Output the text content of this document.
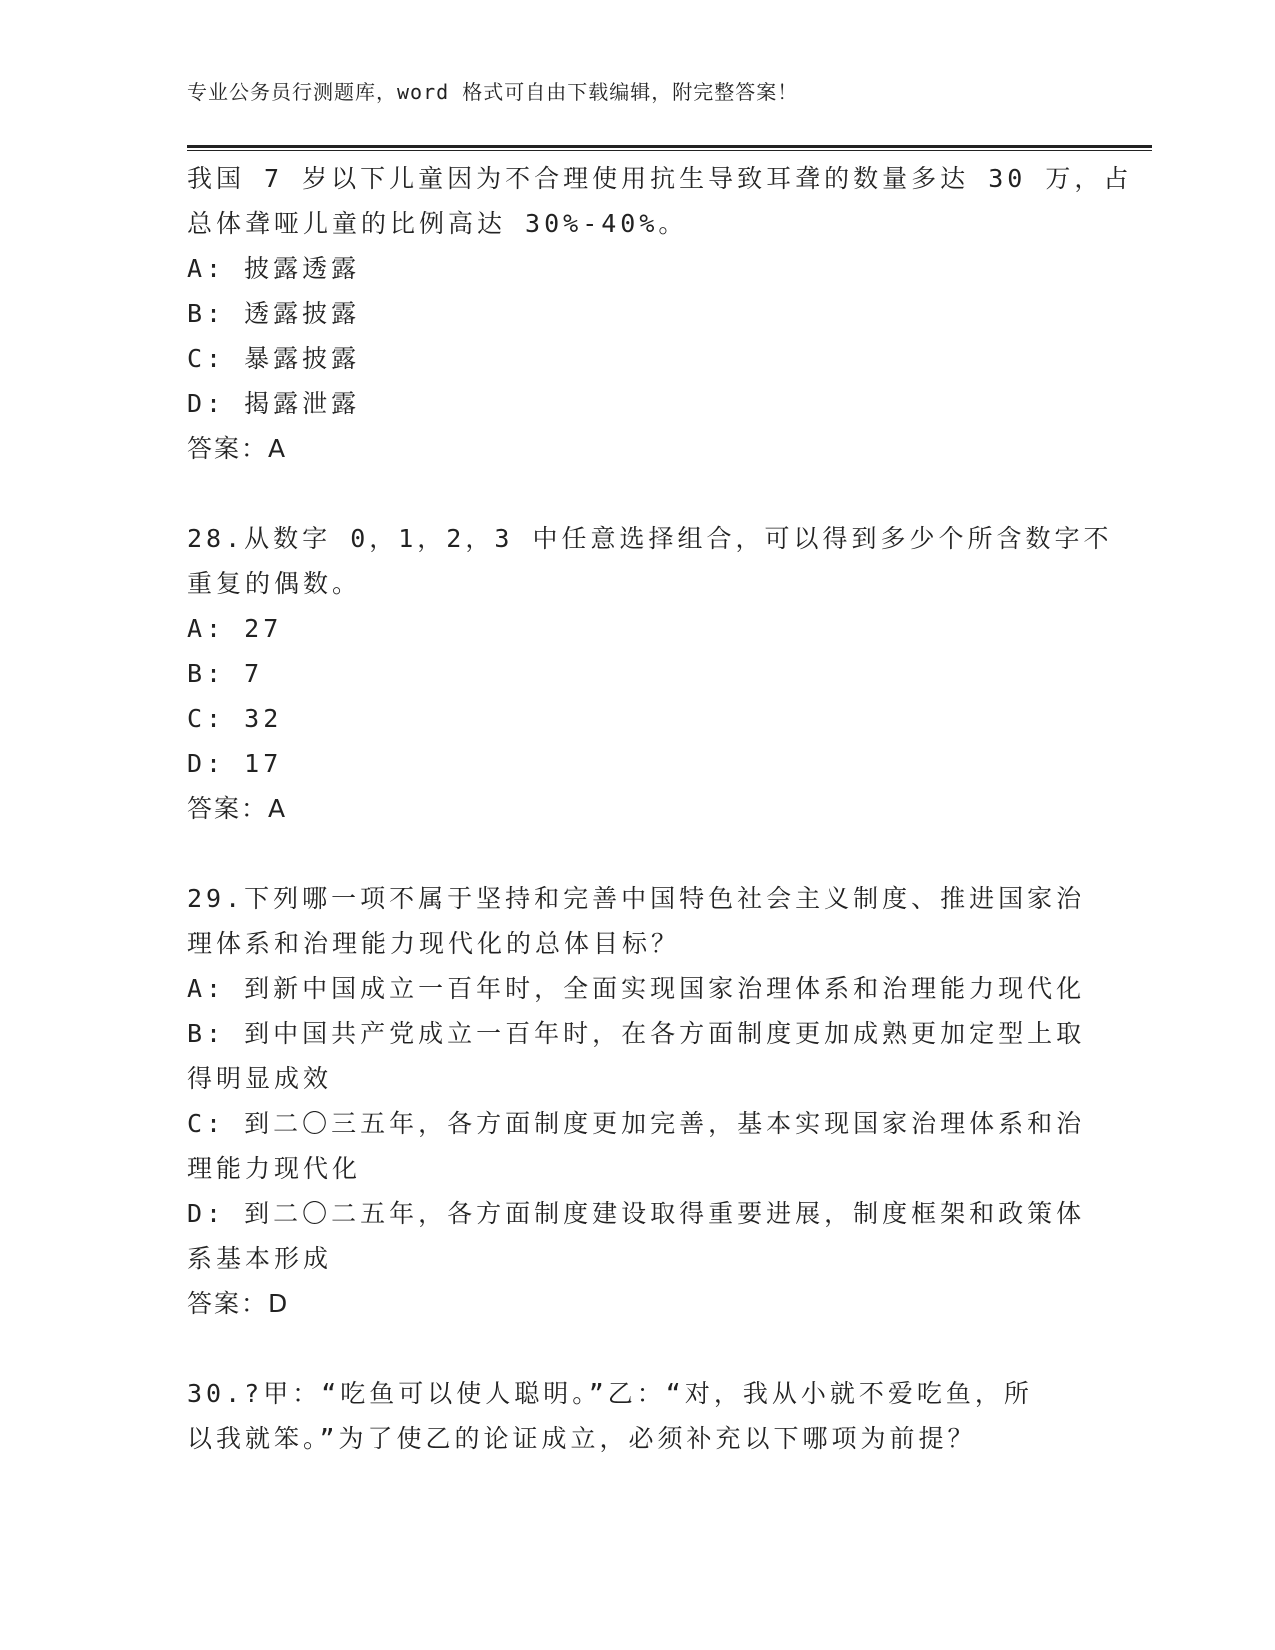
专业公务员行测题库，word 格式可自由下载编辑，附完整答案！
我国 7 岁以下儿童因为不合理使用抗生导致耳聋的数量多达 30 万，占
总体聋哑儿童的比例高达 30%-40%。
A: 披露透露
B: 透露披露
C: 暴露披露
D: 揭露泄露
答案：A
28.从数字 0，1，2，3 中任意选择组合，可以得到多少个所含数字不
重复的偶数。
A: 27
B: 7
C: 32
D: 17
答案：A
29.下列哪一项不属于坚持和完善中国特色社会主义制度、推进国家治
理体系和治理能力现代化的总体目标？
A: 到新中国成立一百年时，全面实现国家治理体系和治理能力现代化
B: 到中国共产党成立一百年时，在各方面制度更加成熟更加定型上取
得明显成效
C: 到二〇三五年，各方面制度更加完善，基本实现国家治理体系和治
理能力现代化
D: 到二〇二五年，各方面制度建设取得重要进展，制度框架和政策体
系基本形成
答案：D
30.?甲：“吃鱼可以使人聪明。”乙：“对，我从小就不爱吃鱼，所
以我就笨。”为了使乙的论证成立，必须补充以下哪项为前提？
